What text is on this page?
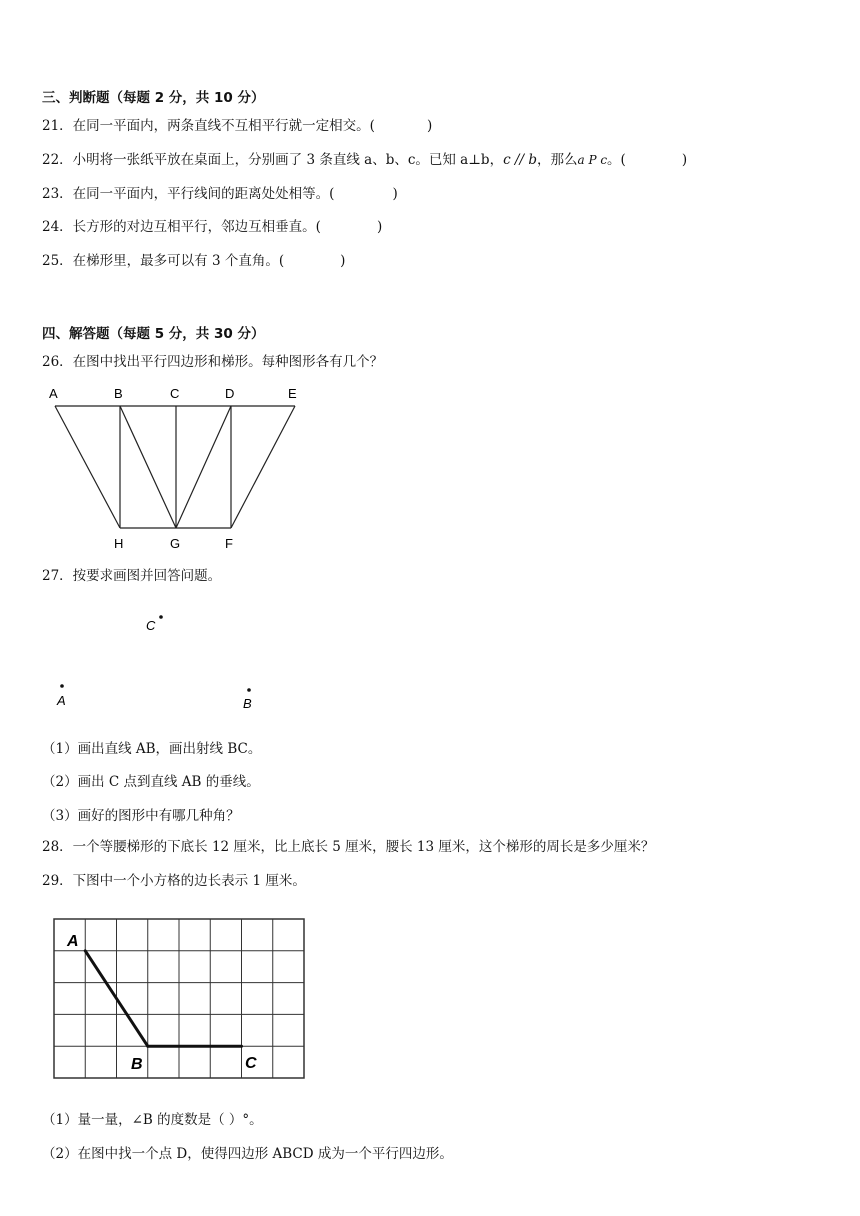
三、判断题（每题 2 分，共 10 分）
21．在同一平面内，两条直线不互相平行就一定相交。(	)
22．小明将一张纸平放在桌面上，分别画了 3 条直线 a、b、c。已知 a⊥b，c // b，那么a P c。(	)
23．在同一平面内，平行线间的距离处处相等。(	)
24．长方形的对边互相平行，邻边互相垂直。(	)
25．在梯形里，最多可以有 3 个直角。(	)
四、解答题（每题 5 分，共 30 分）
26．在图中找出平行四边形和梯形。每种图形各有几个？
A	B	C	D	E
H	G	F
27．按要求画图并回答问题。
C
A	B
（1）画出直线 AB，画出射线 BC。
（2）画出 C 点到直线 AB 的垂线。
（3）画好的图形中有哪几种角？
28．一个等腰梯形的下底长 12 厘米，比上底长 5 厘米，腰长 13 厘米，这个梯形的周长是多少厘米？
29．下图中一个小方格的边长表示 1 厘米。
A
B	C
（1）量一量，∠B 的度数是（ ）°。
（2）在图中找一个点 D，使得四边形 ABCD 成为一个平行四边形。
